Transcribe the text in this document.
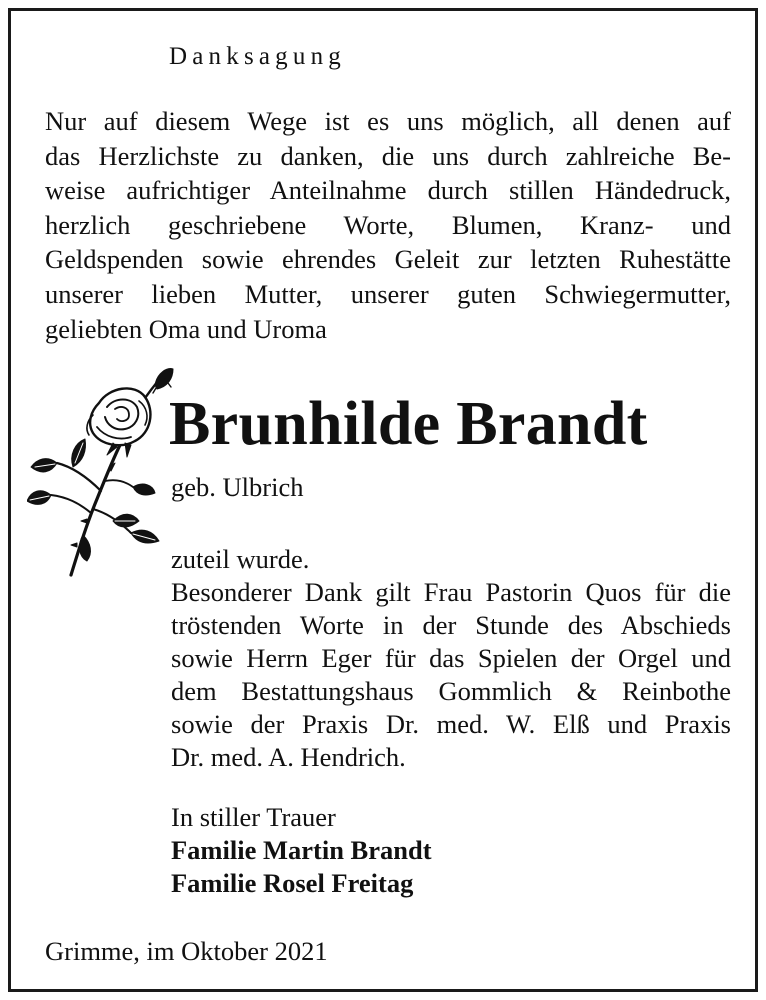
Danksagung

Nur auf diesem Wege ist es uns möglich, all denen auf

das Herzlichste zu danken, die uns durch zahlreiche Be-

weise aufrichtiger Anteilnahme durch stillen Händedruck,

herzlich geschriebene Worte, Blumen, Kranz- und

Geldspenden sowie ehrendes Geleit zur letzten Ruhestätte

unserer lieben Mutter, unserer guten Schwiegermutter,

geliebten Oma und Uroma

Brunhilde Brandt
geb. Ulbrich

zuteil wurde.

Besonderer Dank gilt Frau Pastorin Quos für die

tröstenden Worte in der Stunde des Abschieds

sowie Herrn Eger für das Spielen der Orgel und

dem Bestattungshaus Gommlich & Reinbothe

sowie der Praxis Dr. med. W. Elß und Praxis

Dr. med. A. Hendrich.

In stiller Trauer

Familie Martin Brandt

Familie Rosel Freitag

Grimme, im Oktober 2021
